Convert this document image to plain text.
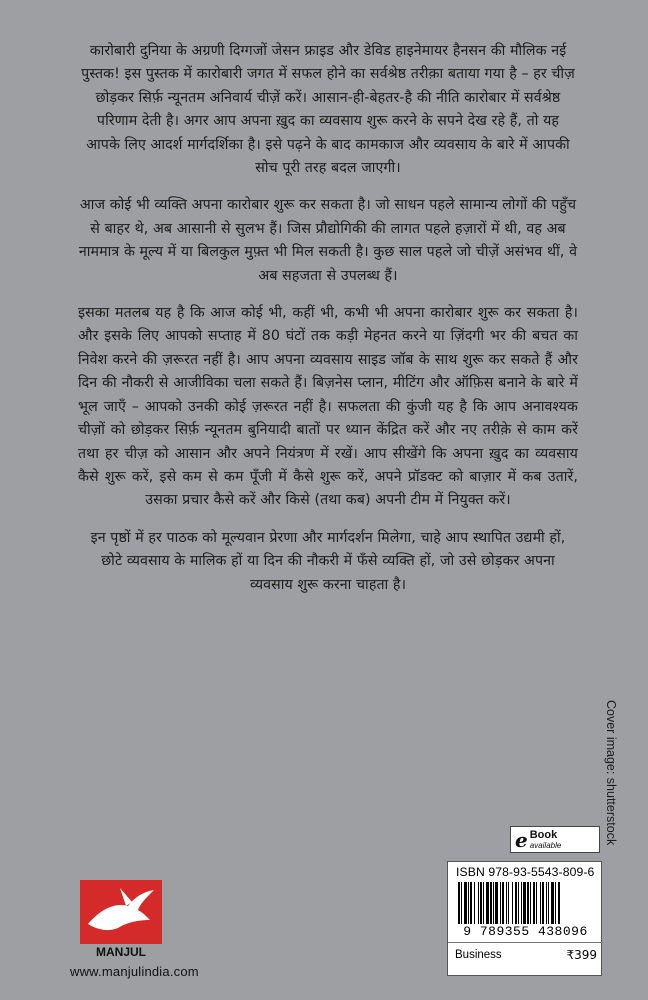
कारोबारी दुनिया के अग्रणी दिग्गजों जेसन फ्राइड और डेविड हाइनेमायर हैनसन की मौलिक नई पुस्तक! इस पुस्तक में कारोबारी जगत में सफल होने का सर्वश्रेष्ठ तरीक़ा बताया गया है – हर चीज़ छोड़कर सिर्फ़ न्यूनतम अनिवार्य चीज़ें करें। आसान-ही-बेहतर-है की नीति कारोबार में सर्वश्रेष्ठ परिणाम देती है। अगर आप अपना ख़ुद का व्यवसाय शुरू करने के सपने देख रहे हैं, तो यह आपके लिए आदर्श मार्गदर्शिका है। इसे पढ़ने के बाद कामकाज और व्यवसाय के बारे में आपकी सोच पूरी तरह बदल जाएगी।

आज कोई भी व्यक्ति अपना कारोबार शुरू कर सकता है। जो साधन पहले सामान्य लोगों की पहुँच से बाहर थे, अब आसानी से सुलभ हैं। जिस प्रौद्योगिकी की लागत पहले हज़ारों में थी, वह अब नाममात्र के मूल्य में या बिलकुल मुफ़्त भी मिल सकती है। कुछ साल पहले जो चीज़ें असंभव थीं, वे अब सहजता से उपलब्ध हैं।

इसका मतलब यह है कि आज कोई भी, कहीं भी, कभी भी अपना कारोबार शुरू कर सकता है। और इसके लिए आपको सप्ताह में 80 घंटों तक कड़ी मेहनत करने या ज़िंदगी भर की बचत का निवेश करने की ज़रूरत नहीं है। आप अपना व्यवसाय साइड जॉब के साथ शुरू कर सकते हैं और दिन की नौकरी से आजीविका चला सकते हैं। बिज़नेस प्लान, मीटिंग और ऑफ़िस बनाने के बारे में भूल जाएँ – आपको उनकी कोई ज़रूरत नहीं है। सफलता की कुंजी यह है कि आप अनावश्यक चीज़ों को छोड़कर सिर्फ़ न्यूनतम बुनियादी बातों पर ध्यान केंद्रित करें और नए तरीक़े से काम करें तथा हर चीज़ को आसान और अपने नियंत्रण में रखें। आप सीखेंगे कि अपना ख़ुद का व्यवसाय कैसे शुरू करें, इसे कम से कम पूँजी में कैसे शुरू करें, अपने प्रॉडक्ट को बाज़ार में कब उतारें, उसका प्रचार कैसे करें और किसे (तथा कब) अपनी टीम में नियुक्त करें।

इन पृष्ठों में हर पाठक को मूल्यवान प्रेरणा और मार्गदर्शन मिलेगा, चाहे आप स्थापित उद्यमी हों, छोटे व्यवसाय के मालिक हों या दिन की नौकरी में फँसे व्यक्ति हों, जो उसे छोड़कर अपना व्यवसाय शुरू करना चाहता है।

Cover image: shutterstock
e Book
available
ISBN 978-93-5543-809-6
9 789355 438096
Business	₹399
MANJUL
www.manjulindia.com
